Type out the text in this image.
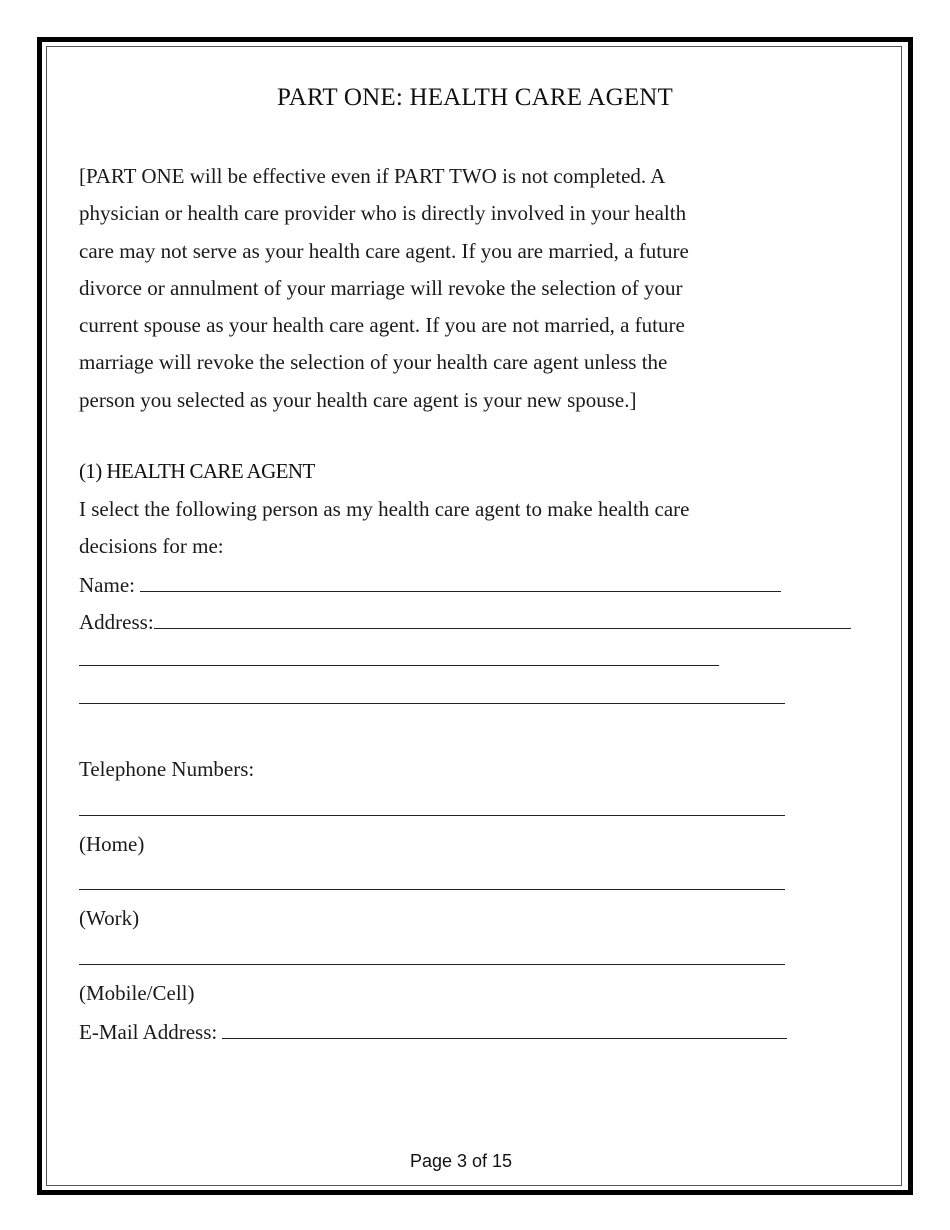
PART ONE: HEALTH CARE AGENT
[PART ONE will be effective even if PART TWO is not completed. A
physician or health care provider who is directly involved in your health
care may not serve as your health care agent. If you are married, a future
divorce or annulment of your marriage will revoke the selection of your
current spouse as your health care agent. If you are not married, a future
marriage will revoke the selection of your health care agent unless the
person you selected as your health care agent is your new spouse.]
(1) HEALTH CARE AGENT
I select the following person as my health care agent to make health care
decisions for me:
Name:
Address:
Telephone Numbers:
(Home)
(Work)
(Mobile/Cell)
E-Mail Address:
Page 3 of 15
